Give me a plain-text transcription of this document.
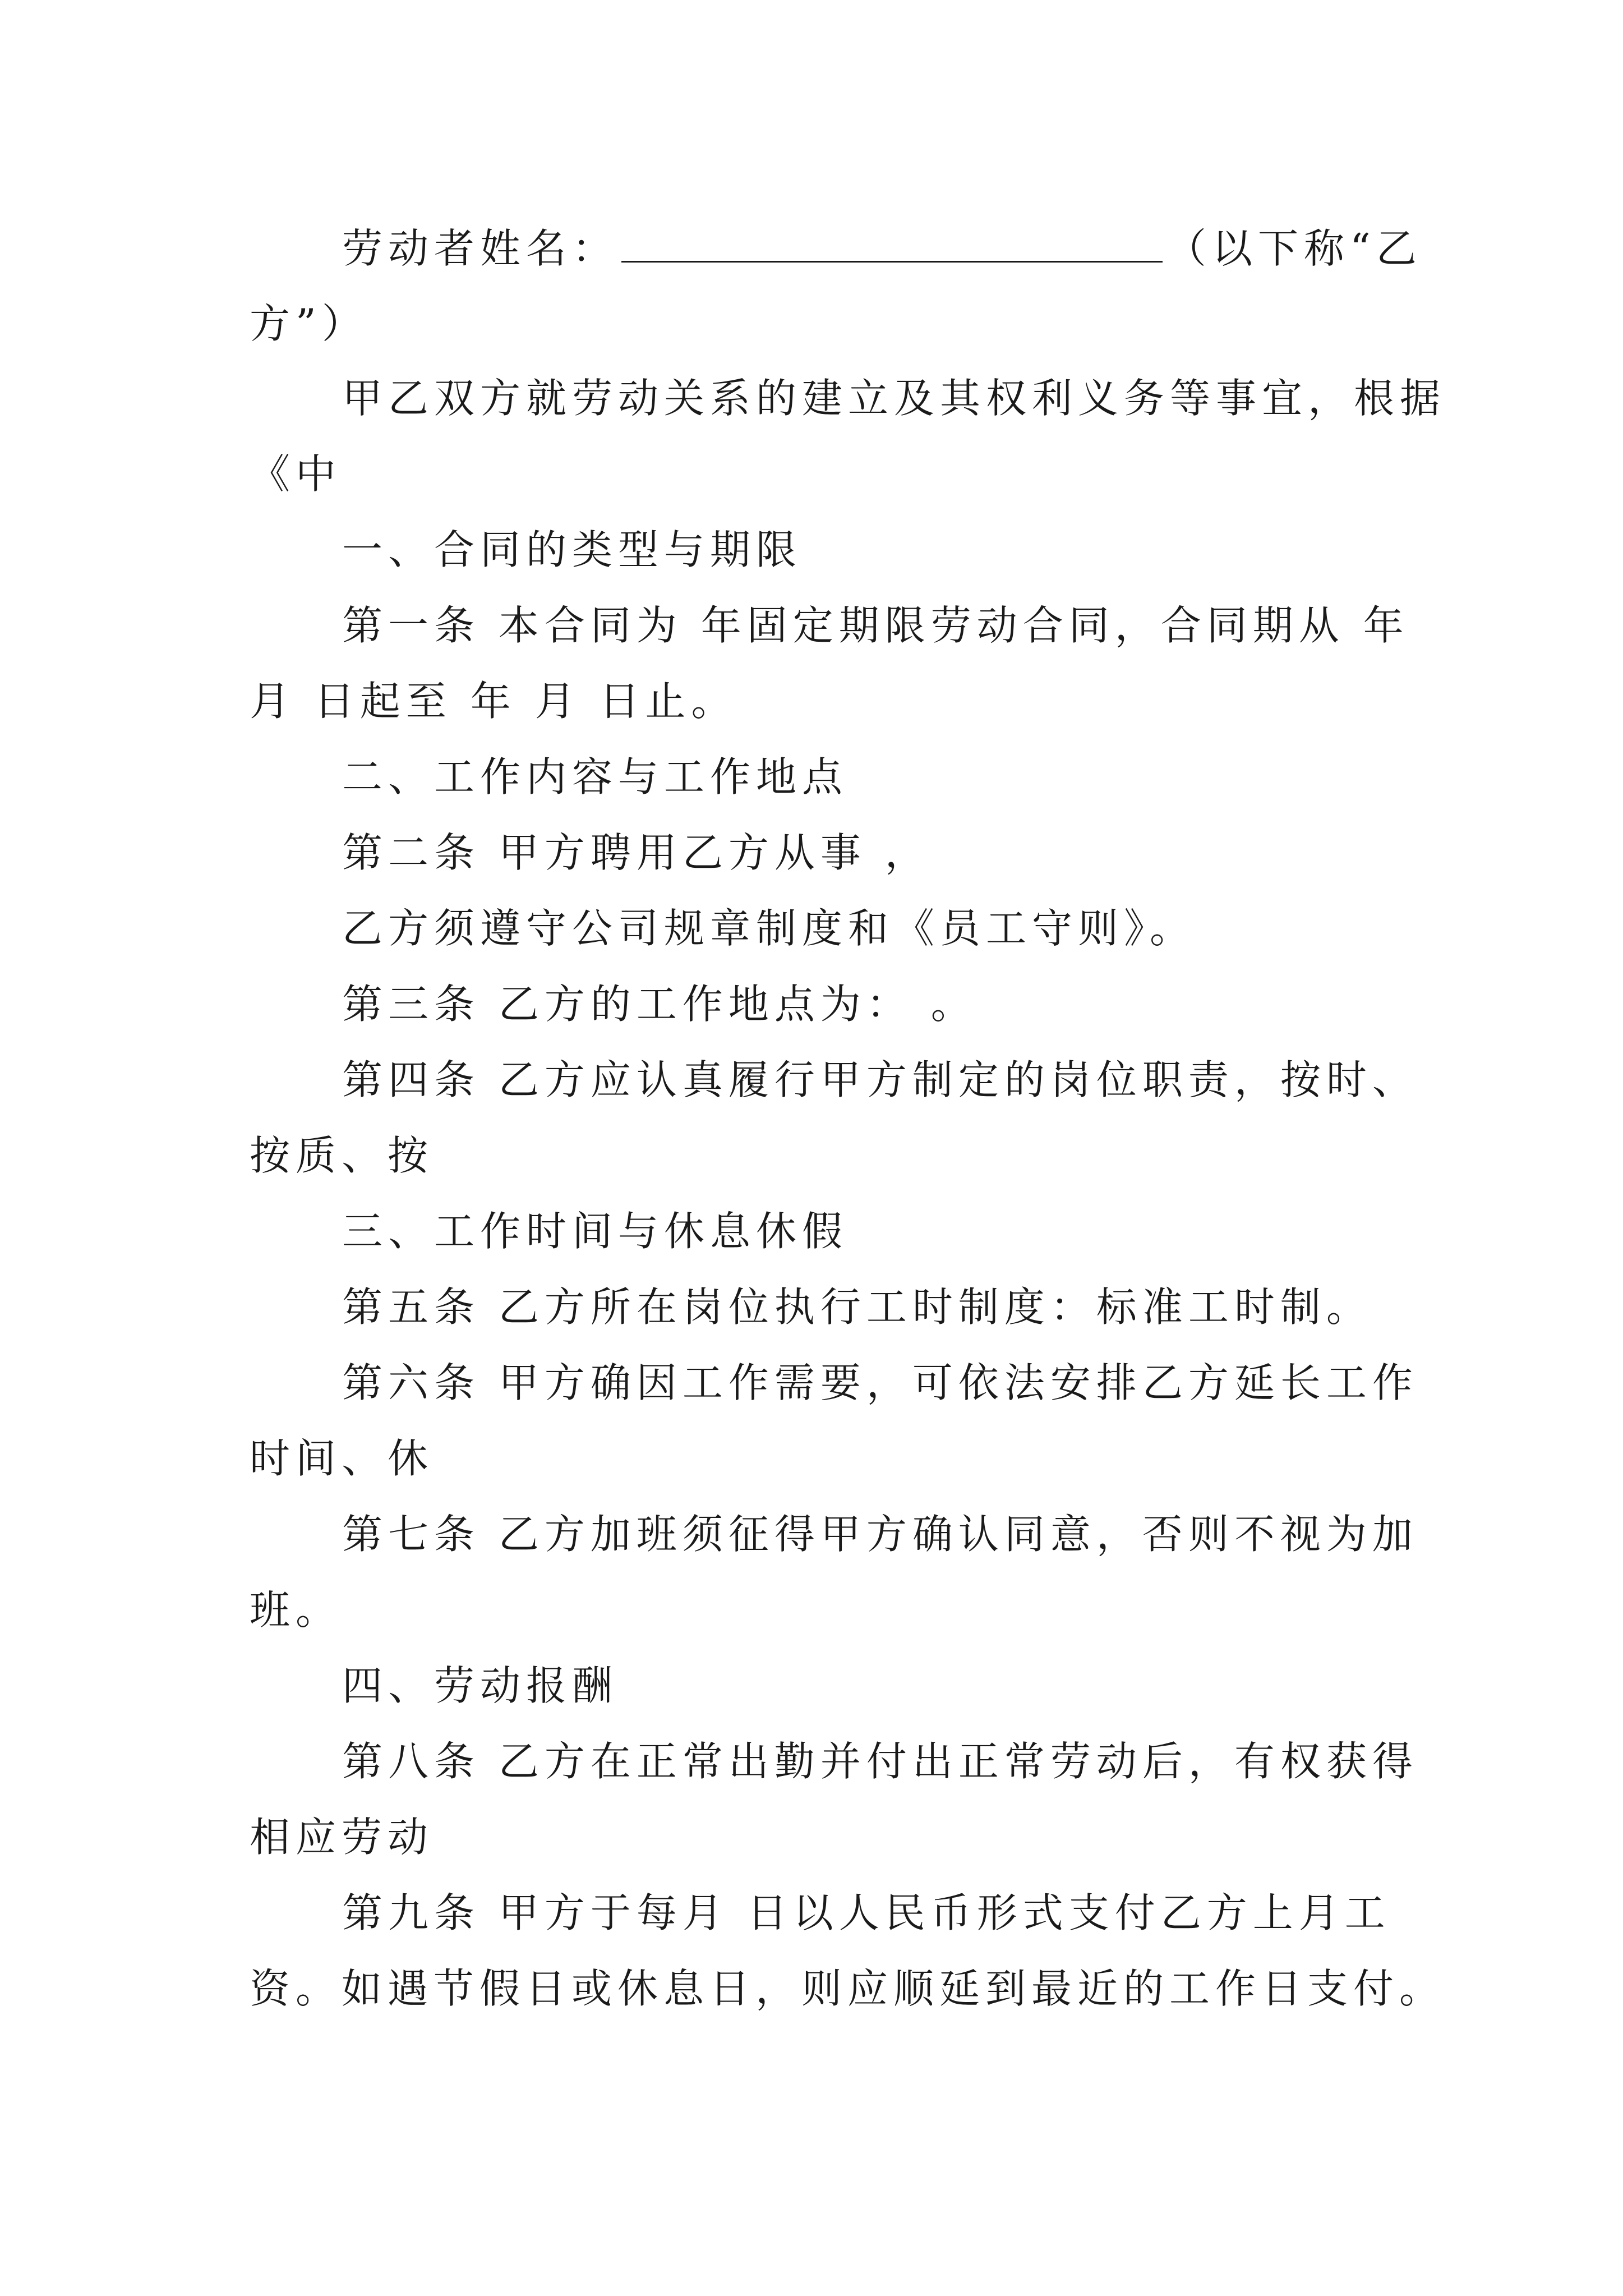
劳动者姓名：	（以下称“乙
方”）
甲乙双方就劳动关系的建立及其权利义务等事宜，根据
《中
一、合同的类型与期限
第一条 本合同为 年固定期限劳动合同，合同期从 年
月 日起至 年 月 日止。
二、工作内容与工作地点
第二条 甲方聘用乙方从事 ，
乙方须遵守公司规章制度和《员工守则》。
第三条 乙方的工作地点为： 。
第四条 乙方应认真履行甲方制定的岗位职责，按时、
按质、按
三、工作时间与休息休假
第五条 乙方所在岗位执行工时制度：标准工时制。
第六条 甲方确因工作需要，可依法安排乙方延长工作
时间、休
第七条 乙方加班须征得甲方确认同意，否则不视为加
班。
四、劳动报酬
第八条 乙方在正常出勤并付出正常劳动后，有权获得
相应劳动
第九条 甲方于每月 日以人民币形式支付乙方上月工
资。如遇节假日或休息日，则应顺延到最近的工作日支付。
